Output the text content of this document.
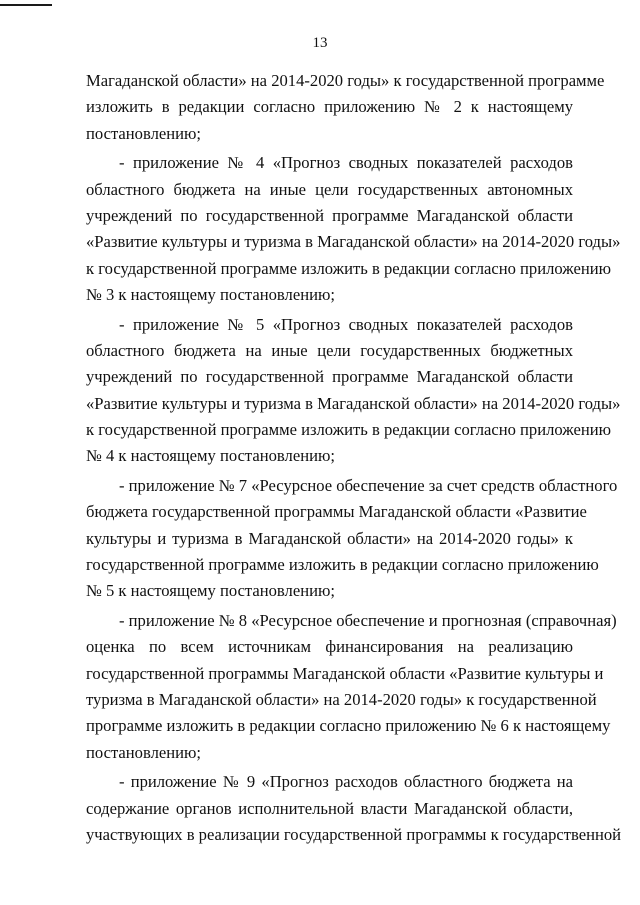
13
Магаданской области» на 2014-2020 годы» к государственной программе
изложить в редакции согласно приложению № 2 к настоящему
постановлению;
- приложение № 4 «Прогноз сводных показателей расходов
областного бюджета на иные цели государственных автономных
учреждений по государственной программе Магаданской области
«Развитие культуры и туризма в Магаданской области» на 2014-2020 годы»
к государственной программе изложить в редакции согласно приложению
№ 3 к настоящему постановлению;
- приложение № 5 «Прогноз сводных показателей расходов
областного бюджета на иные цели государственных бюджетных
учреждений по государственной программе Магаданской области
«Развитие культуры и туризма в Магаданской области» на 2014-2020 годы»
к государственной программе изложить в редакции согласно приложению
№ 4 к настоящему постановлению;
- приложение № 7 «Ресурсное обеспечение за счет средств областного
бюджета государственной программы Магаданской области «Развитие
культуры и туризма в Магаданской области» на 2014-2020 годы» к
государственной программе изложить в редакции согласно приложению
№ 5 к настоящему постановлению;
- приложение № 8 «Ресурсное обеспечение и прогнозная (справочная)
оценка по всем источникам финансирования на реализацию
государственной программы Магаданской области «Развитие культуры и
туризма в Магаданской области» на 2014-2020 годы» к государственной
программе изложить в редакции согласно приложению № 6 к настоящему
постановлению;
- приложение № 9 «Прогноз расходов областного бюджета на
содержание органов исполнительной власти Магаданской области,
участвующих в реализации государственной программы к государственной
